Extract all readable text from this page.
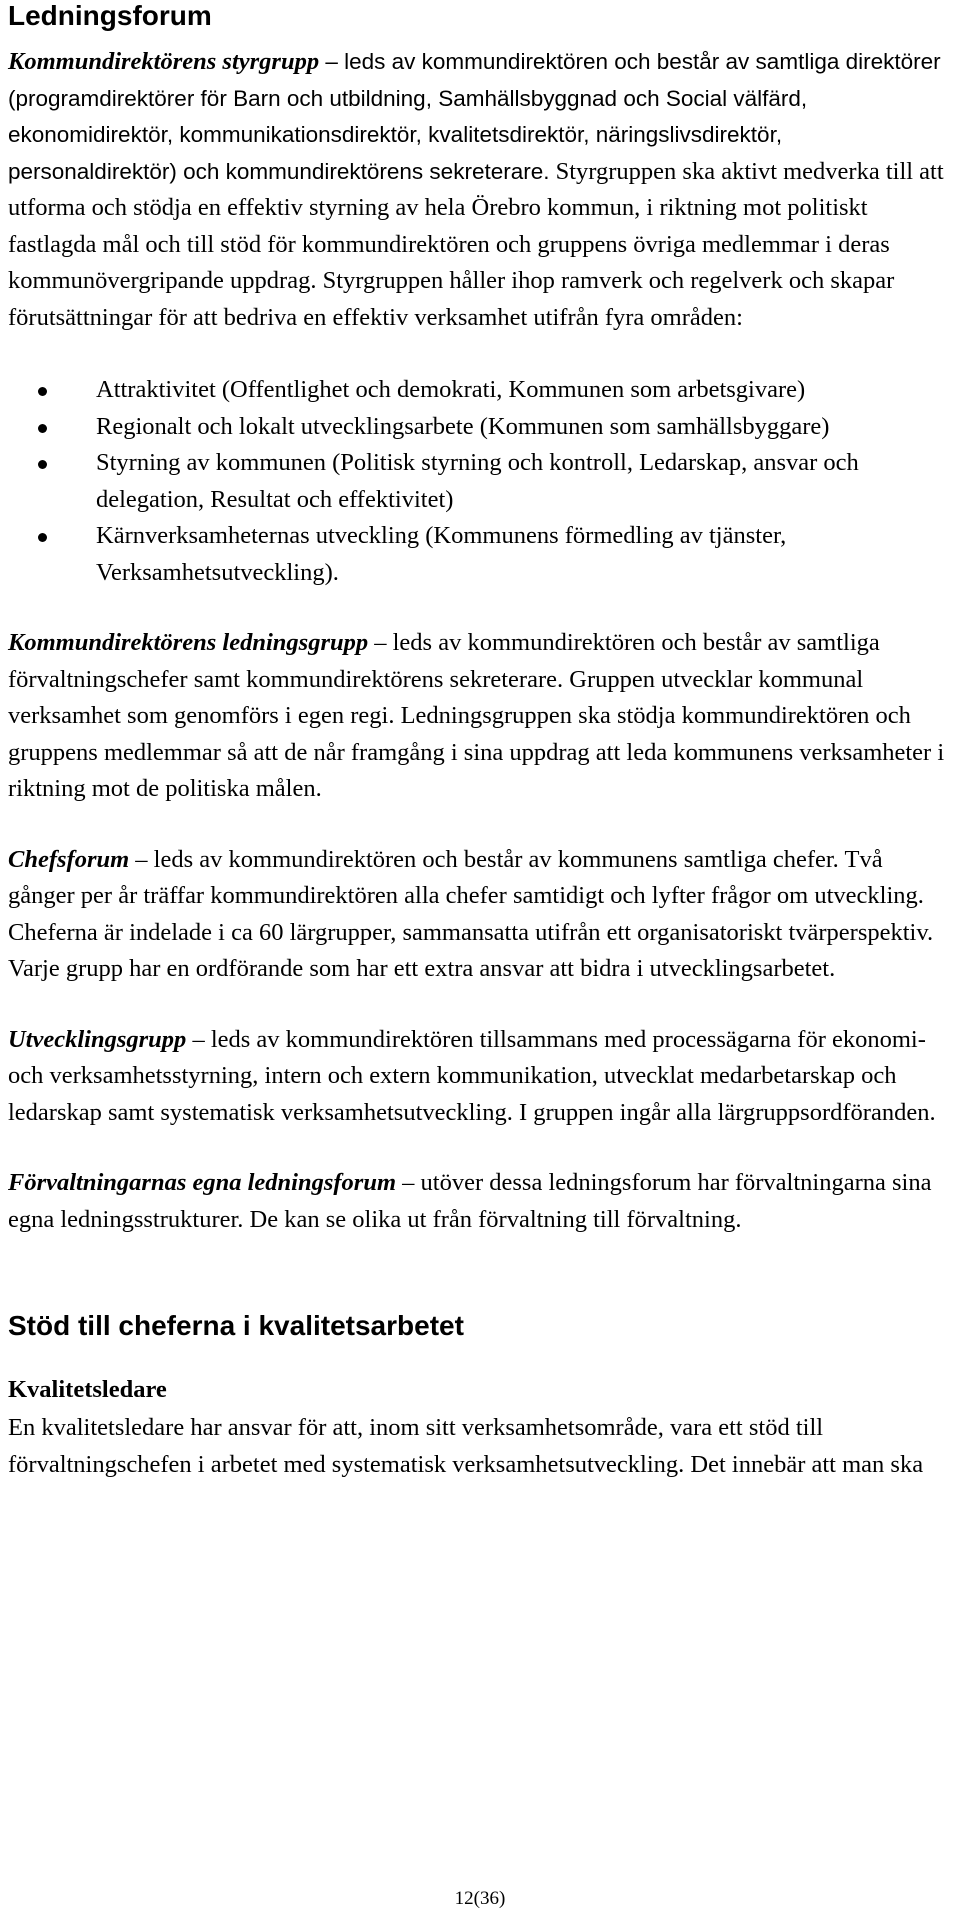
Ledningsforum

Kommundirektörens styrgrupp – leds av kommundirektören och består av samtliga direktörer (programdirektörer för Barn och utbildning, Samhällsbyggnad och Social välfärd, ekonomidirektör, kommunikationsdirektör, kvalitetsdirektör, näringslivsdirektör, personaldirektör) och kommundirektörens sekreterare. Styrgruppen ska aktivt medverka till att utforma och stödja en effektiv styrning av hela Örebro kommun, i riktning mot politiskt fastlagda mål och till stöd för kommundirektören och gruppens övriga medlemmar i deras kommunövergripande uppdrag. Styrgruppen håller ihop ramverk och regelverk och skapar förutsättningar för att bedriva en effektiv verksamhet utifrån fyra områden:

Attraktivitet (Offentlighet och demokrati, Kommunen som arbetsgivare)
Regionalt och lokalt utvecklingsarbete (Kommunen som samhällsbyggare)
Styrning av kommunen (Politisk styrning och kontroll, Ledarskap, ansvar och delegation, Resultat och effektivitet)
Kärnverksamheternas utveckling (Kommunens förmedling av tjänster, Verksamhetsutveckling).

Kommundirektörens ledningsgrupp – leds av kommundirektören och består av samtliga förvaltningschefer samt kommundirektörens sekreterare. Gruppen utvecklar kommunal verksamhet som genomförs i egen regi. Ledningsgruppen ska stödja kommundirektören och gruppens medlemmar så att de når framgång i sina uppdrag att leda kommunens verksamheter i riktning mot de politiska målen.

Chefsforum – leds av kommundirektören och består av kommunens samtliga chefer. Två gånger per år träffar kommundirektören alla chefer samtidigt och lyfter frågor om utveckling. Cheferna är indelade i ca 60 lärgrupper, sammansatta utifrån ett organisatoriskt tvärperspektiv. Varje grupp har en ordförande som har ett extra ansvar att bidra i utvecklingsarbetet.

Utvecklingsgrupp – leds av kommundirektören tillsammans med processägarna för ekonomi- och verksamhetsstyrning, intern och extern kommunikation, utvecklat medarbetarskap och ledarskap samt systematisk verksamhetsutveckling. I gruppen ingår alla lärgruppsordföranden.

Förvaltningarnas egna ledningsforum – utöver dessa ledningsforum har förvaltningarna sina egna ledningsstrukturer. De kan se olika ut från förvaltning till förvaltning.

Stöd till cheferna i kvalitetsarbetet
Kvalitetsledare

En kvalitetsledare har ansvar för att, inom sitt verksamhetsområde, vara ett stöd till förvaltningschefen i arbetet med systematisk verksamhetsutveckling. Det innebär att man ska

12(36)
